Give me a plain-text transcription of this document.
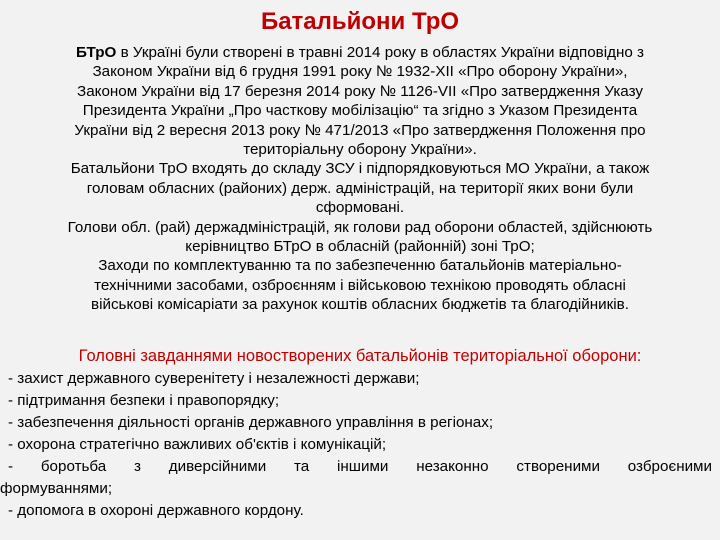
Батальйони ТрО
БТрО в Україні були створені в травні 2014 року в областях України відповідно з
Законом України від 6 грудня 1991 року № 1932-XII «Про оборону України»,
Законом України від 17 березня 2014 року № 1126-VII «Про затвердження Указу
Президента України „Про часткову мобілізацію“ та згідно з Указом Президента
України від 2 вересня 2013 року № 471/2013 «Про затвердження Положення про
територіальну оборону України».
Батальйони ТрО входять до складу ЗСУ і підпорядковуються МО України, а також
головам обласних (районих) держ. адміністрацій, на території яких вони були
сформовані.
Голови обл. (рай) держадміністрацій, як голови рад оборони областей, здійснюють
керівництво БТрО в обласній (районній) зоні ТрО;
Заходи по комплектуванню та по забезпеченню батальйонів матеріально-
технічними засобами, озброєнням і військовою технікою проводять обласні
військові комісаріати за рахунок коштів обласних бюджетів та благодійників.
Головні завданнями новостворених батальйонів територіальної оборони:
- захист державного суверенітету і незалежності держави;
- підтримання безпеки і правопорядку;
- забезпечення діяльності органів державного управління в регіонах;
- охорона стратегічно важливих об'єктів і комунікацій;
- боротьба з диверсійними та іншими незаконно створеними озброєними
формуваннями;
- допомога в охороні державного кордону.
